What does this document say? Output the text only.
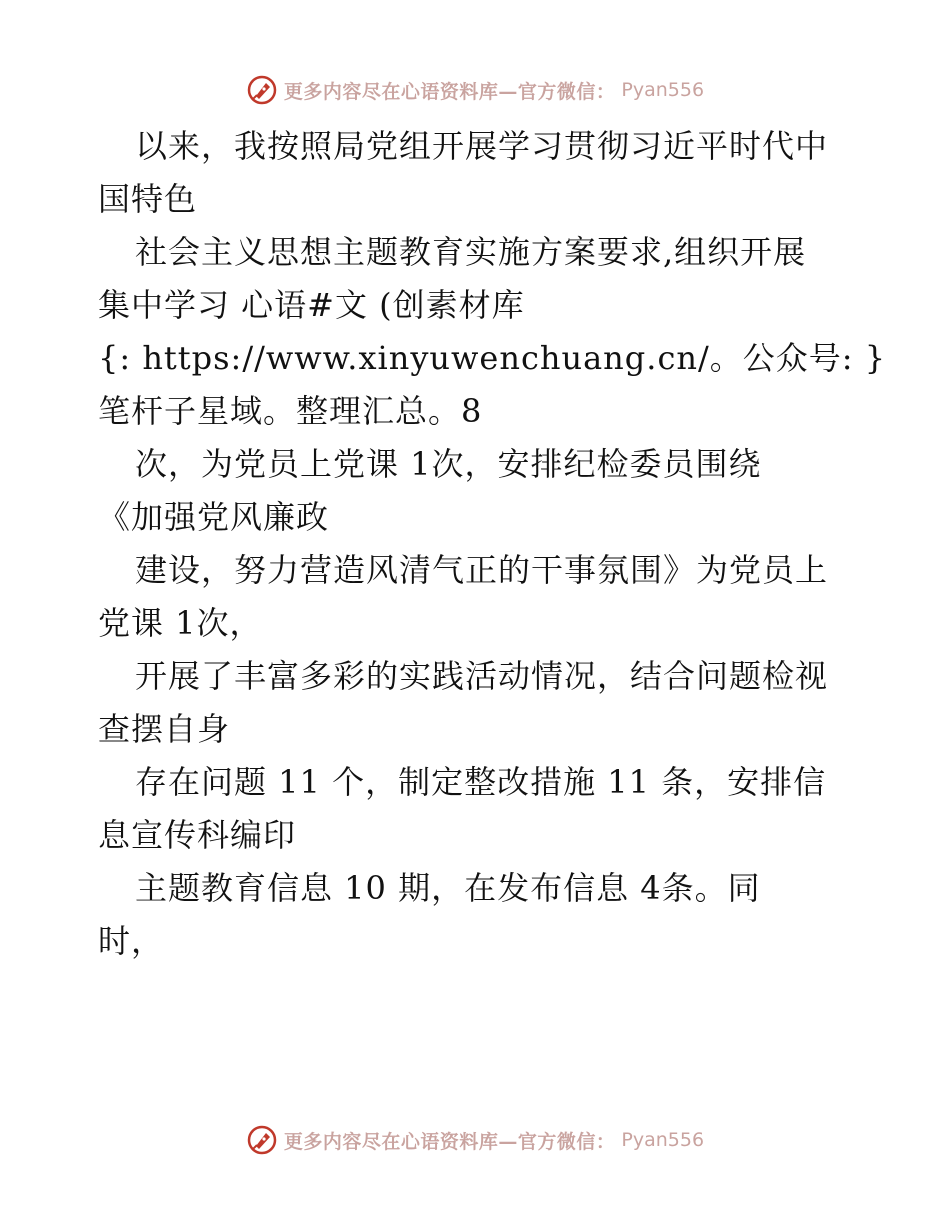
更多内容尽在心语资料库—官方微信： Pyan556
以来，我按照局党组开展学习贯彻习近平时代中
国特色
社会主义思想主题教育实施方案要求,组织开展
集中学习 心语#文 (创素材库
{: https://www.xinyuwenchuang.cn/。公众号: }
笔杆子星域。整理汇总。8
次，为党员上党课 1次，安排纪检委员围绕
《加强党风廉政
建设，努力营造风清气正的干事氛围》为党员上
党课 1次，
开展了丰富多彩的实践活动情况，结合问题检视
查摆自身
存在问题 11 个，制定整改措施 11 条，安排信
息宣传科编印
主题教育信息 10 期，在发布信息 4条。同
时，
更多内容尽在心语资料库—官方微信： Pyan556
